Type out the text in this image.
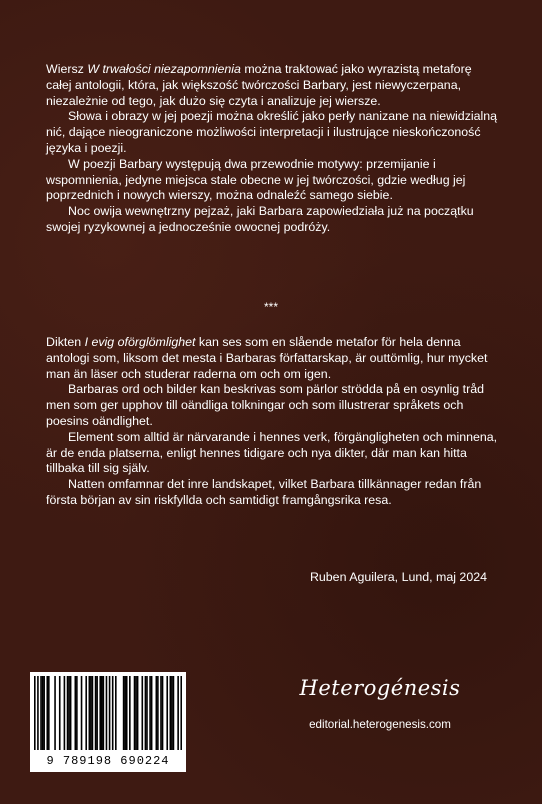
Wiersz W trwałości niezapomnienia można traktować jako wyrazistą metaforę całej antologii, która, jak większość twórczości Barbary, jest niewyczerpana, niezależnie od tego, jak dużo się czyta i analizuje jej wiersze.

Słowa i obrazy w jej poezji można określić jako perły nanizane na niewidzialną nić, dające nieograniczone możliwości interpretacji i ilustrujące nieskończoność języka i poezji.

W poezji Barbary występują dwa przewodnie motywy: przemijanie i wspomnienia, jedyne miejsca stale obecne w jej twórczości, gdzie według jej poprzednich i nowych wierszy, można odnaleźć samego siebie.

Noc owija wewnętrzny pejzaż, jaki Barbara zapowiedziała już na początku swojej ryzykownej a jednocześnie owocnej podróży.

***

Dikten I evig oförglömlighet kan ses som en slående metafor för hela denna antologi som, liksom det mesta i Barbaras författarskap, är outtömlig, hur mycket man än läser och studerar raderna om och om igen.

Barbaras ord och bilder kan beskrivas som pärlor strödda på en osynlig tråd men som ger upphov till oändliga tolkningar och som illustrerar språkets och poesins oändlighet.

Element som alltid är närvarande i hennes verk, förgängligheten och minnena, är de enda platserna, enligt hennes tidigare och nya dikter, där man kan hitta tillbaka till sig själv.

Natten omfamnar det inre landskapet, vilket Barbara tillkännager redan från första början av sin riskfyllda och samtidigt framgångsrika resa.

Ruben Aguilera, Lund, maj 2024
9 789198 690224
Heterogénesis
editorial.heterogenesis.com
